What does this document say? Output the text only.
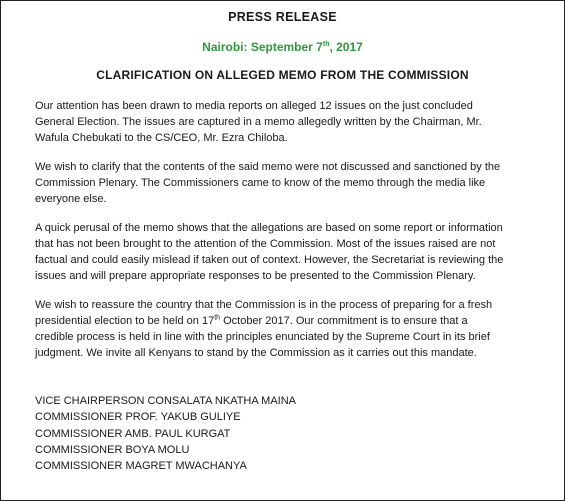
PRESS RELEASE
Nairobi: September 7th, 2017
CLARIFICATION ON ALLEGED MEMO FROM THE COMMISSION

Our attention has been drawn to media reports on alleged 12 issues on the just concluded
General Election. The issues are captured in a memo allegedly written by the Chairman, Mr.
Wafula Chebukati to the CS/CEO, Mr. Ezra Chiloba.

We wish to clarify that the contents of the said memo were not discussed and sanctioned by the
Commission Plenary. The Commissioners came to know of the memo through the media like
everyone else.

A quick perusal of the memo shows that the allegations are based on some report or information
that has not been brought to the attention of the Commission. Most of the issues raised are not
factual and could easily mislead if taken out of context. However, the Secretariat is reviewing the
issues and will prepare appropriate responses to be presented to the Commission Plenary.

We wish to reassure the country that the Commission is in the process of preparing for a fresh
presidential election to be held on 17th October 2017. Our commitment is to ensure that a
credible process is held in line with the principles enunciated by the Supreme Court in its brief
judgment. We invite all Kenyans to stand by the Commission as it carries out this mandate.

VICE CHAIRPERSON CONSALATA NKATHA MAINA
COMMISSIONER PROF. YAKUB GULIYE
COMMISSIONER AMB. PAUL KURGAT
COMMISSIONER BOYA MOLU
COMMISSIONER MAGRET MWACHANYA
